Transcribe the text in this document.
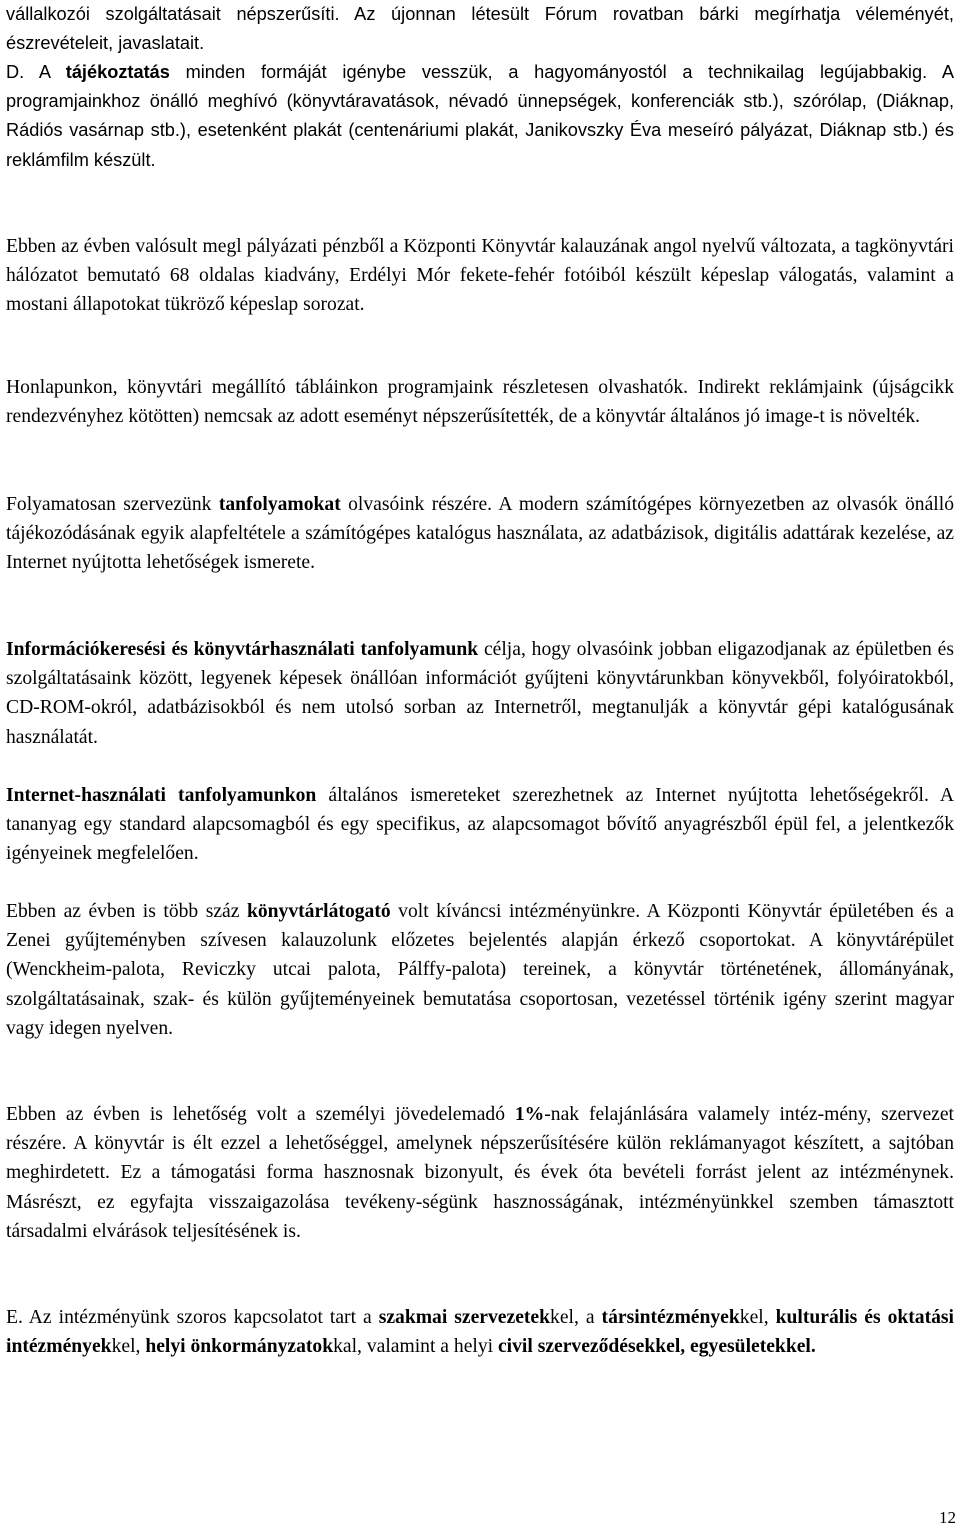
vállalkozói szolgáltatásait népszerűsíti. Az újonnan létesült Fórum rovatban bárki megírhatja véleményét, észrevételeit, javaslatait.

D. A tájékoztatás minden formáját igénybe vesszük, a hagyományostól a technikailag legújabbakig. A programjainkhoz önálló meghívó (könyvtáravatások, névadó ünnepségek, konferenciák stb.), szórólap, (Diáknap, Rádiós vasárnap stb.), esetenként plakát (centenáriumi plakát, Janikovszky Éva meseíró pályázat, Diáknap stb.) és reklámfilm készült.

Ebben az évben valósult megl pályázati pénzből a Központi Könyvtár kalauzának angol nyelvű változata, a tagkönyvtári hálózatot bemutató 68 oldalas kiadvány, Erdélyi Mór fekete-fehér fotóiból készült képeslap válogatás, valamint a mostani állapotokat tükröző képeslap sorozat.

Honlapunkon, könyvtári megállító tábláinkon programjaink részletesen olvashatók. Indirekt reklámjaink (újságcikk rendezvényhez kötötten) nemcsak az adott eseményt népszerűsítették, de a könyvtár általános jó image-t is növelték.

Folyamatosan szervezünk tanfolyamokat olvasóink részére. A modern számítógépes környezetben az olvasók önálló tájékozódásának egyik alapfeltétele a számítógépes katalógus használata, az adatbázisok, digitális adattárak kezelése, az Internet nyújtotta lehetőségek ismerete.

Információkeresési és könyvtárhasználati tanfolyamunk célja, hogy olvasóink jobban eligazodjanak az épületben és szolgáltatásaink között, legyenek képesek önállóan információt gyűjteni könyvtárunkban könyvekből, folyóiratokból, CD-ROM-okról, adatbázisokból és nem utolsó sorban az Internetről, megtanulják a könyvtár gépi katalógusának használatát.

Internet-használati tanfolyamunkon általános ismereteket szerezhetnek az Internet nyújtotta lehetőségekről. A tananyag egy standard alapcsomagból és egy specifikus, az alapcsomagot bővítő anyagrészből épül fel, a jelentkezők igényeinek megfelelően.

Ebben az évben is több száz könyvtárlátogató volt kíváncsi intézményünkre. A Központi Könyvtár épületében és a Zenei gyűjteményben szívesen kalauzolunk előzetes bejelentés alapján érkező csoportokat. A könyvtárépület (Wenckheim-palota, Reviczky utcai palota, Pálffy-palota) tereinek, a könyvtár történetének, állományának, szolgáltatásainak, szak- és külön gyűjteményeinek bemutatása csoportosan, vezetéssel történik igény szerint magyar vagy idegen nyelven.

Ebben az évben is lehetőség volt a személyi jövedelemadó 1%-nak felajánlására valamely intéz-mény, szervezet részére. A könyvtár is élt ezzel a lehetőséggel, amelynek népszerűsítésére külön reklámanyagot készített, a sajtóban meghirdetett. Ez a támogatási forma hasznosnak bizonyult, és évek óta bevételi forrást jelent az intézménynek. Másrészt, ez egyfajta visszaigazolása tevékeny-ségünk hasznosságának, intézményünkkel szemben támasztott társadalmi elvárások teljesítésének is.

E. Az intézményünk szoros kapcsolatot tart a szakmai szervezetekkel, a társintézményekkel, kulturális és oktatási intézményekkel, helyi önkormányzatokkal, valamint a helyi civil szerveződésekkel, egyesületekkel.

12
